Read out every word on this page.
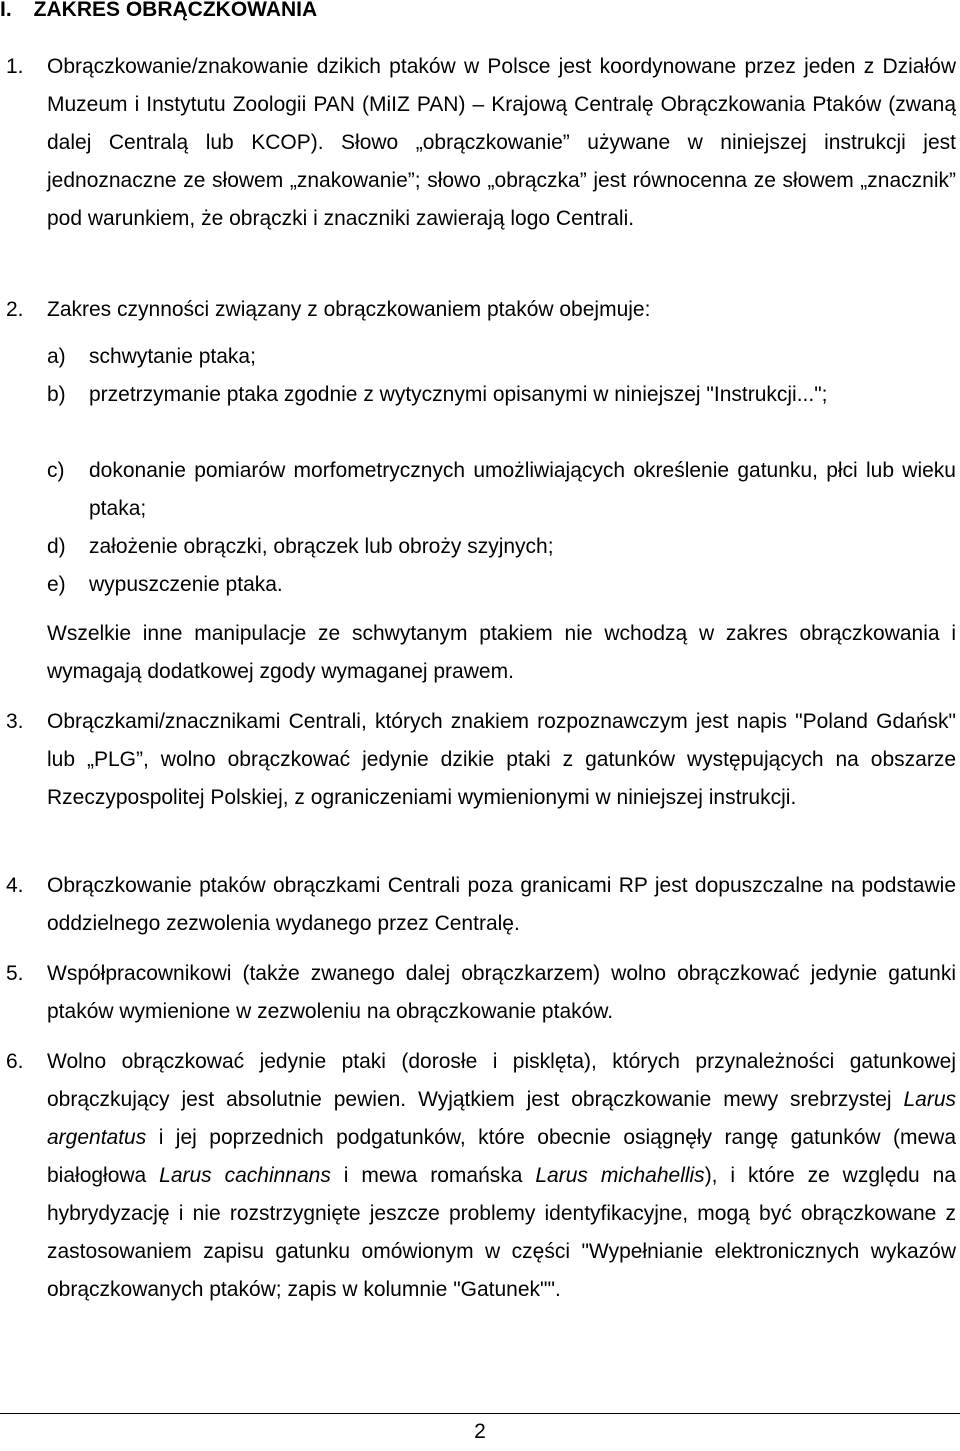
I. ZAKRES OBRĄCZKOWANIA
1. Obrączkowanie/znakowanie dzikich ptaków w Polsce jest koordynowane przez jeden z Działów Muzeum i Instytutu Zoologii PAN (MiIZ PAN) – Krajową Centralę Obrączkowania Ptaków (zwaną dalej Centralą lub KCOP). Słowo „obrączkowanie” używane w niniejszej instrukcji jest jednoznaczne ze słowem „znakowanie”; słowo „obrączka” jest równocenna ze słowem „znacznik” pod warunkiem, że obrączki i znaczniki zawierają logo Centrali.

2. Zakres czynności związany z obrączkowaniem ptaków obejmuje:

a) schwytanie ptaka;

b) przetrzymanie ptaka zgodnie z wytycznymi opisanymi w niniejszej "Instrukcji...";

c) dokonanie pomiarów morfometrycznych umożliwiających określenie gatunku, płci lub wieku ptaka;

d) założenie obrączki, obrączek lub obroży szyjnych;

e) wypuszczenie ptaka.

Wszelkie inne manipulacje ze schwytanym ptakiem nie wchodzą w zakres obrączkowania i wymagają dodatkowej zgody wymaganej prawem.

3. Obrączkami/znacznikami Centrali, których znakiem rozpoznawczym jest napis "Poland Gdańsk" lub „PLG”, wolno obrączkować jedynie dzikie ptaki z gatunków występujących na obszarze Rzeczypospolitej Polskiej, z ograniczeniami wymienionymi w niniejszej instrukcji.

4. Obrączkowanie ptaków obrączkami Centrali poza granicami RP jest dopuszczalne na podstawie oddzielnego zezwolenia wydanego przez Centralę.

5. Współpracownikowi (także zwanego dalej obrączkarzem) wolno obrączkować jedynie gatunki ptaków wymienione w zezwoleniu na obrączkowanie ptaków.

6. Wolno obrączkować jedynie ptaki (dorosłe i pisklęta), których przynależności gatunkowej obrączkujący jest absolutnie pewien. Wyjątkiem jest obrączkowanie mewy srebrzystej Larus argentatus i jej poprzednich podgatunków, które obecnie osiągnęły rangę gatunków (mewa białogłowa Larus cachinnans i mewa romańska Larus michahellis), i które ze względu na hybrydyzację i nie rozstrzygnięte jeszcze problemy identyfikacyjne, mogą być obrączkowane z zastosowaniem zapisu gatunku omówionym w części "Wypełnianie elektronicznych wykazów obrączkowanych ptaków; zapis w kolumnie "Gatunek"".

2
